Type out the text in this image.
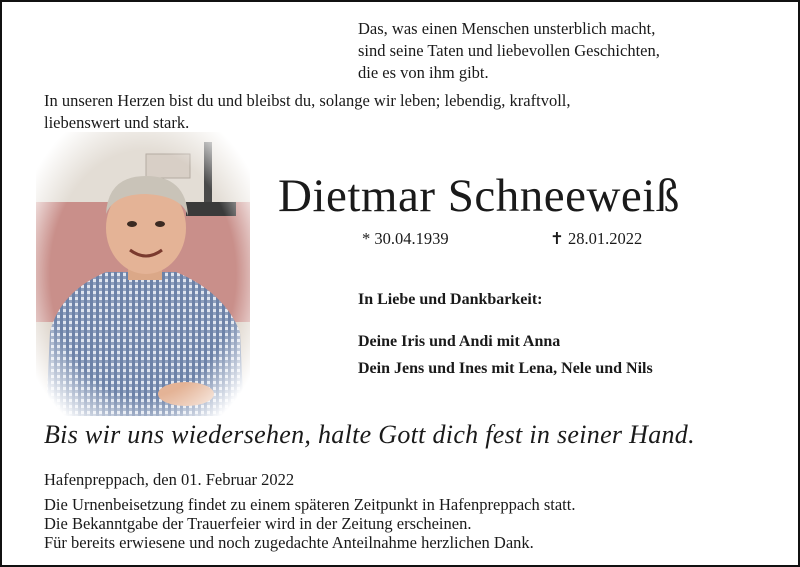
Das, was einen Menschen unsterblich macht,
sind seine Taten und liebevollen Geschichten,
die es von ihm gibt.
In unseren Herzen bist du und bleibst du, solange wir leben; lebendig, kraftvoll,
liebenswert und stark.
Dietmar Schneeweiß
* 30.04.1939	✝ 28.01.2022
In Liebe und Dankbarkeit:
Deine Iris und Andi mit Anna
Dein Jens und Ines mit Lena, Nele und Nils
Bis wir uns wiedersehen, halte Gott dich fest in seiner Hand.
Hafenpreppach, den 01. Februar 2022
Die Urnenbeisetzung findet zu einem späteren Zeitpunkt in Hafenpreppach statt.
Die Bekanntgabe der Trauerfeier wird in der Zeitung erscheinen.
Für bereits erwiesene und noch zugedachte Anteilnahme herzlichen Dank.
